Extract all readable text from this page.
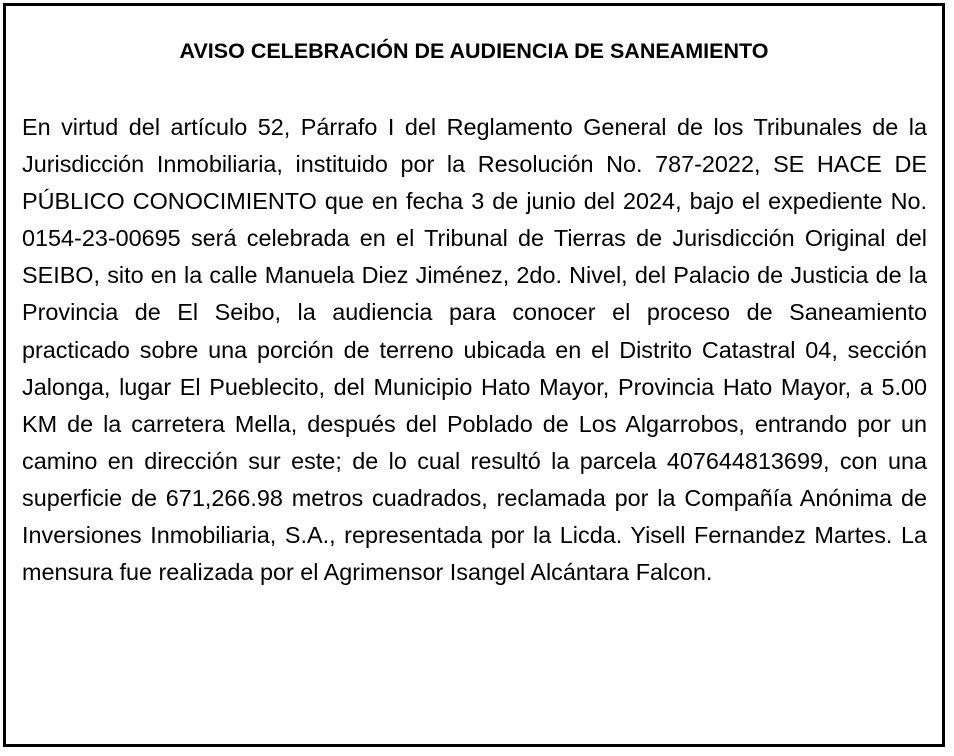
AVISO CELEBRACIÓN DE AUDIENCIA DE SANEAMIENTO

En virtud del artículo 52, Párrafo I del Reglamento General de los Tribunales de la Jurisdicción Inmobiliaria, instituido por la Resolución No. 787-2022, SE HACE DE PÚBLICO CONOCIMIENTO que en fecha 3 de junio del 2024, bajo el expediente No. 0154-23-00695 será celebrada en el Tribunal de Tierras de Jurisdicción Original del SEIBO, sito en la calle Manuela Diez Jiménez, 2do. Nivel, del Palacio de Justicia de la Provincia de El Seibo, la audiencia para conocer el proceso de Saneamiento practicado sobre una porción de terreno ubicada en el Distrito Catastral 04, sección Jalonga, lugar El Pueblecito, del Municipio Hato Mayor, Provincia Hato Mayor, a 5.00 KM de la carretera Mella, después del Poblado de Los Algarrobos, entrando por un camino en dirección sur este; de lo cual resultó la parcela 407644813699, con una superficie de 671,266.98 metros cuadrados, reclamada por la Compañía Anónima de Inversiones Inmobiliaria, S.A., representada por la Licda. Yisell Fernandez Martes. La mensura fue realizada por el Agrimensor Isangel Alcántara Falcon.
